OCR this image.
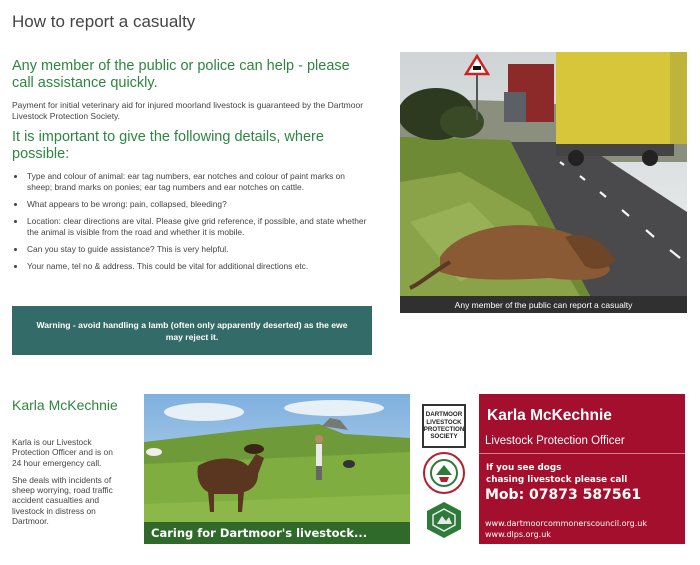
How to report a casualty
Any member of the public or police can help - please call assistance quickly.

Payment for initial veterinary aid for injured moorland livestock is guaranteed by the Dartmoor Livestock Protection Society.

It is important to give the following details, where possible:
Type and colour of animal: ear tag numbers, ear notches and colour of paint marks on sheep; brand marks on ponies; ear tag numbers and ear notches on cattle.
What appears to be wrong: pain, collapsed, bleeding?
Location: clear directions are vital. Please give grid reference, if possible, and state whether the animal is visible from the road and whether it is mobile.
Can you stay to guide assistance? This is very helpful.
Your name, tel no & address. This could be vital for additional directions etc.
Warning - avoid handling a lamb (often only apparently deserted) as the ewe may reject it.
Any member of the public can report a casualty
Karla McKechnie

Karla is our Livestock Protection Officer and is on 24 hour emergency call.

She deals with incidents of sheep worrying, road traffic accident casualties and livestock in distress on Dartmoor.

Caring for Dartmoor's livestock...
DARTMOOR LIVESTOCK PROTECTION SOCIETY
Karla McKechnie
Livestock Protection Officer
If you see dogs
chasing livestock please call
Mob: 07873 587561
www.dartmoorcommonerscouncil.org.uk
www.dlps.org.uk
